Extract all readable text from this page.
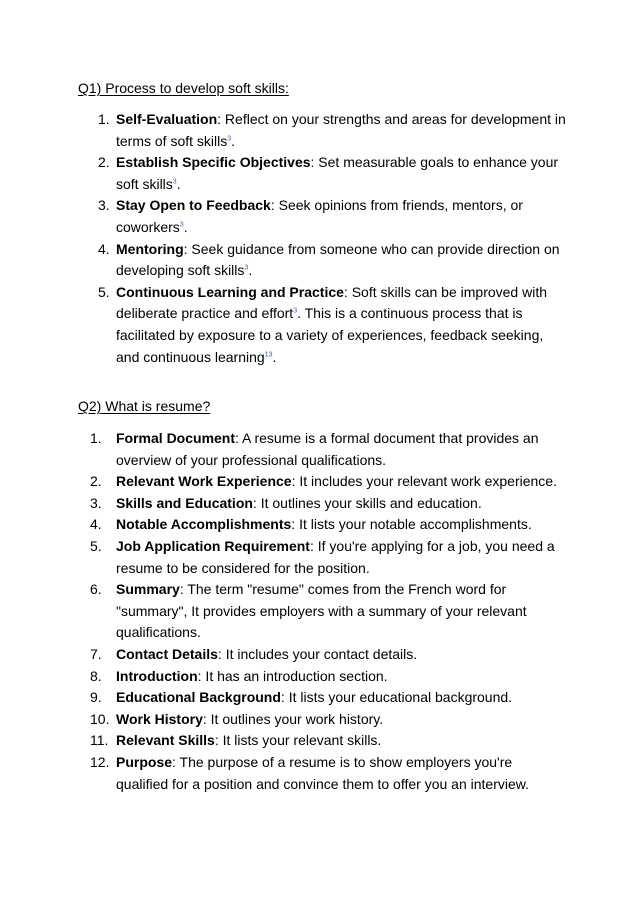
Q1) Process to develop soft skills:
1. Self-Evaluation: Reflect on your strengths and areas for development in terms of soft skills$^3$.
2. Establish Specific Objectives: Set measurable goals to enhance your soft skills$^3$.
3. Stay Open to Feedback: Seek opinions from friends, mentors, or coworkers$^3$.
4. Mentoring: Seek guidance from someone who can provide direction on developing soft skills$^3$.
5. Continuous Learning and Practice: Soft skills can be improved with deliberate practice and effort$^3$. This is a continuous process that is facilitated by exposure to a variety of experiences, feedback seeking, and continuous learning$^{13}$.
Q2) What is resume?
1. Formal Document: A resume is a formal document that provides an overview of your professional qualifications.
2. Relevant Work Experience: It includes your relevant work experience.
3. Skills and Education: It outlines your skills and education.
4. Notable Accomplishments: It lists your notable accomplishments.
5. Job Application Requirement: If you're applying for a job, you need a resume to be considered for the position.
6. Summary: The term "resume" comes from the French word for "summary", It provides employers with a summary of your relevant qualifications.
7. Contact Details: It includes your contact details.
8. Introduction: It has an introduction section.
9. Educational Background: It lists your educational background.
10. Work History: It outlines your work history.
11. Relevant Skills: It lists your relevant skills.
12. Purpose: The purpose of a resume is to show employers you're qualified for a position and convince them to offer you an interview.
